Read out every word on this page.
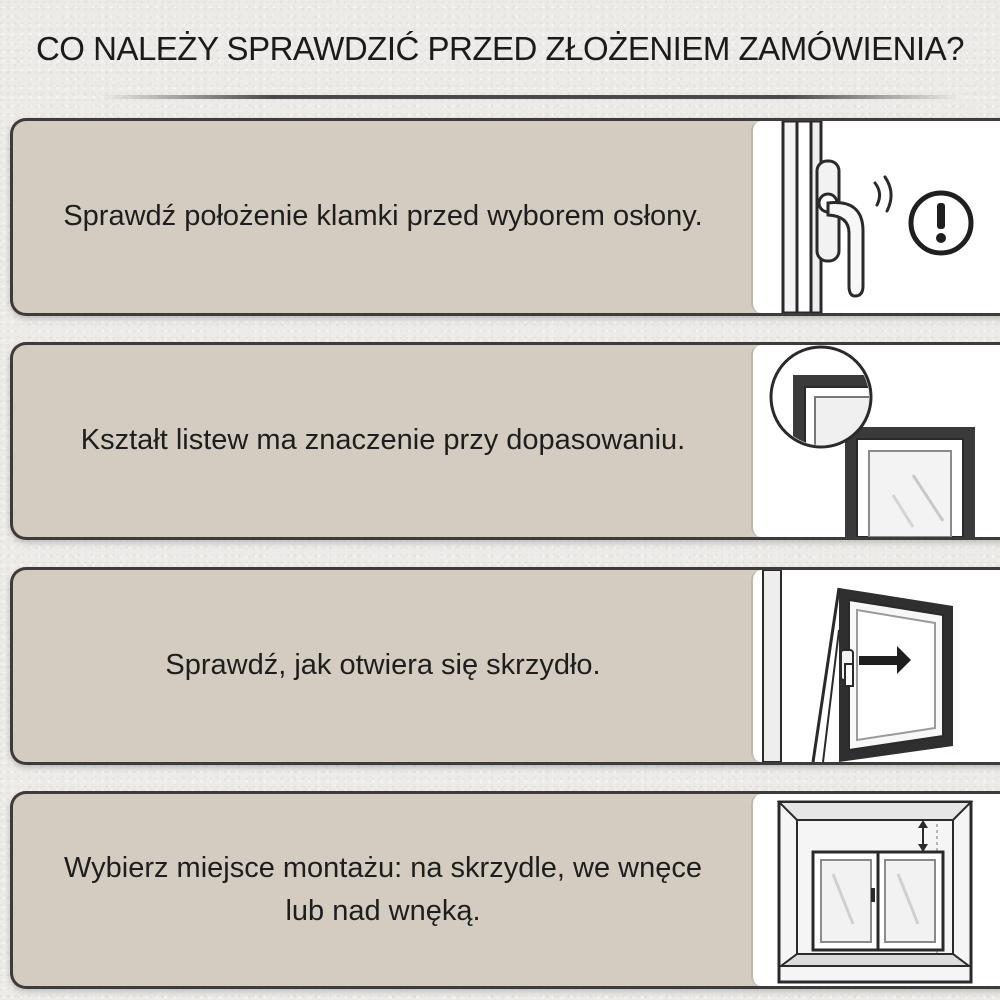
CO NALEŻY SPRAWDZIĆ PRZED ZŁOŻENIEM ZAMÓWIENIA?
Sprawdź położenie klamki przed wyborem osłony.
Kształt listew ma znaczenie przy dopasowaniu.
Sprawdź, jak otwiera się skrzydło.
Wybierz miejsce montażu: na skrzydle, we wnęce lub nad wnęką.
